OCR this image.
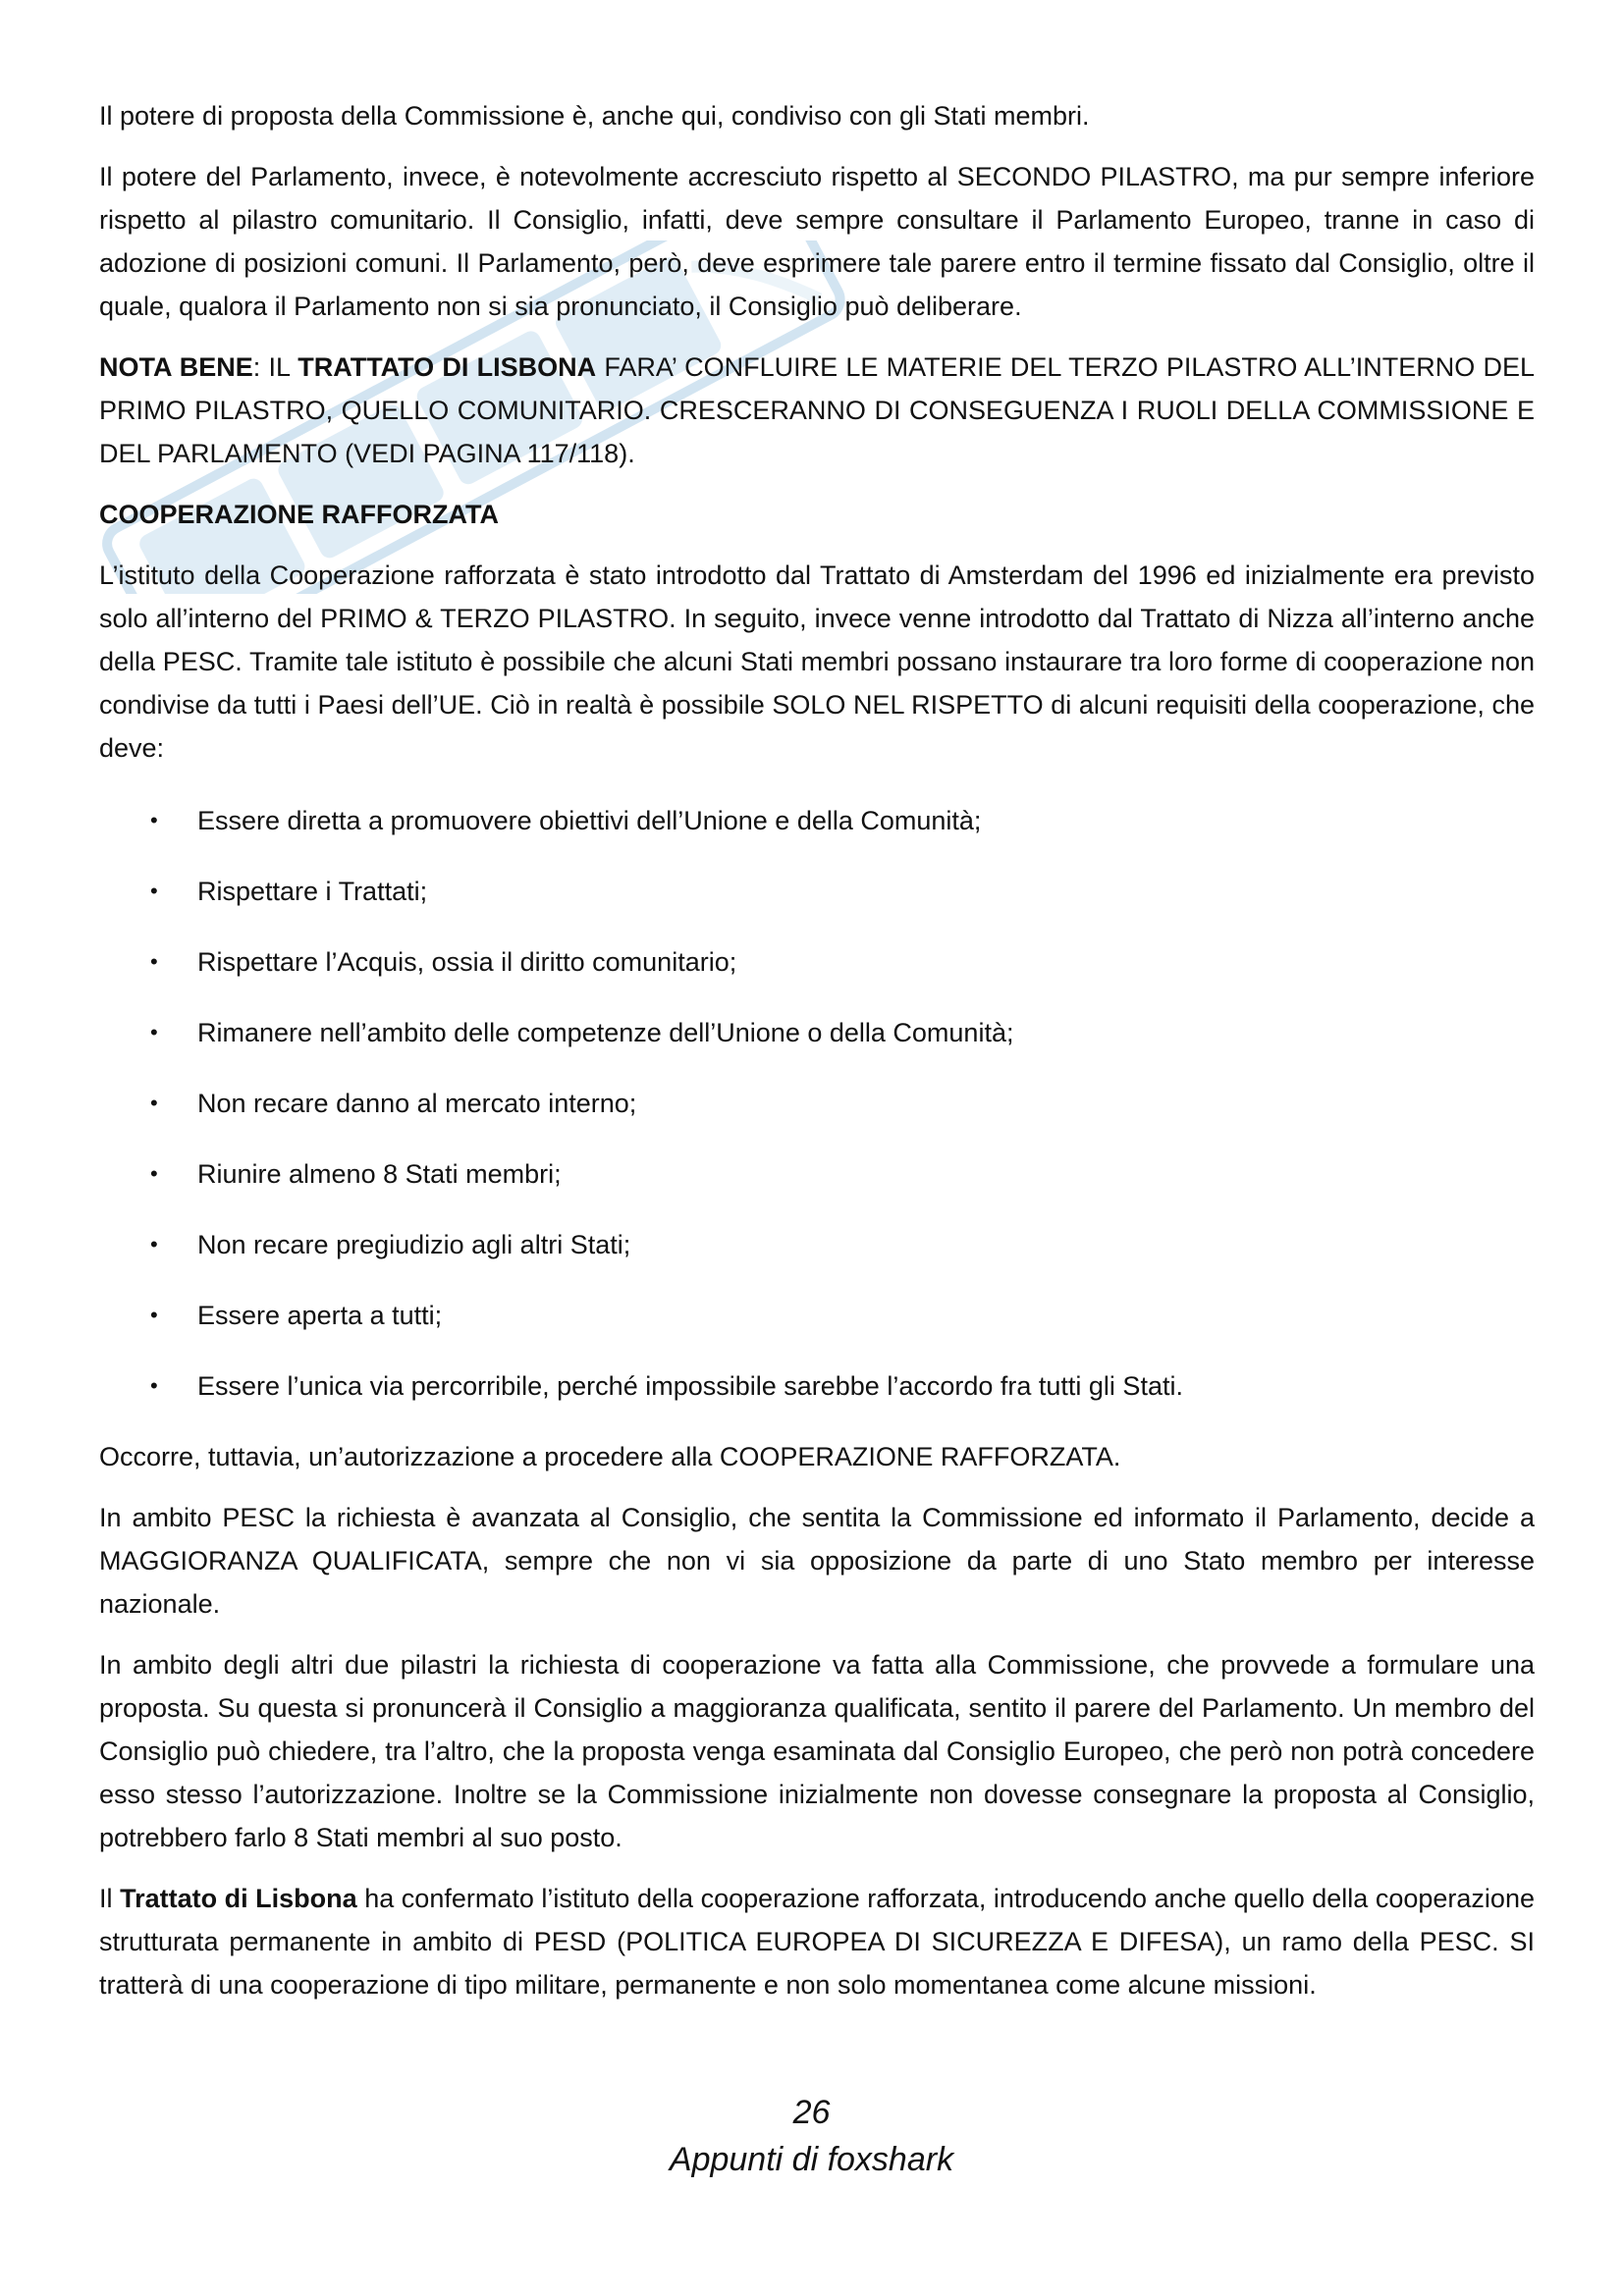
Il potere di proposta della Commissione è, anche qui, condiviso con gli Stati membri.

Il potere del Parlamento, invece, è notevolmente accresciuto rispetto al SECONDO PILASTRO, ma pur sempre inferiore rispetto al pilastro comunitario. Il Consiglio, infatti, deve sempre consultare il Parlamento Europeo, tranne in caso di adozione di posizioni comuni. Il Parlamento, però, deve esprimere tale parere entro il termine fissato dal Consiglio, oltre il quale, qualora il Parlamento non si sia pronunciato, il Consiglio può deliberare.

NOTA BENE: IL TRATTATO DI LISBONA FARA’ CONFLUIRE LE MATERIE DEL TERZO PILASTRO ALL’INTERNO DEL PRIMO PILASTRO, QUELLO COMUNITARIO. CRESCERANNO DI CONSEGUENZA I RUOLI DELLA COMMISSIONE E DEL PARLAMENTO (VEDI PAGINA 117/118).

COOPERAZIONE RAFFORZATA

L’istituto della Cooperazione rafforzata è stato introdotto dal Trattato di Amsterdam del 1996 ed inizialmente era previsto solo all’interno del PRIMO & TERZO PILASTRO. In seguito, invece venne introdotto dal Trattato di Nizza all’interno anche della PESC. Tramite tale istituto è possibile che alcuni Stati membri possano instaurare tra loro forme di cooperazione non condivise da tutti i Paesi dell’UE. Ciò in realtà è possibile SOLO NEL RISPETTO di alcuni requisiti della cooperazione, che deve:

• Essere diretta a promuovere obiettivi dell’Unione e della Comunità;
• Rispettare i Trattati;
• Rispettare l’Acquis, ossia il diritto comunitario;
• Rimanere nell’ambito delle competenze dell’Unione o della Comunità;
• Non recare danno al mercato interno;
• Riunire almeno 8 Stati membri;
• Non recare pregiudizio agli altri Stati;
• Essere aperta a tutti;
• Essere l’unica via percorribile, perché impossibile sarebbe l’accordo fra tutti gli Stati.

Occorre, tuttavia, un’autorizzazione a procedere alla COOPERAZIONE RAFFORZATA.

In ambito PESC la richiesta è avanzata al Consiglio, che sentita la Commissione ed informato il Parlamento, decide a MAGGIORANZA QUALIFICATA, sempre che non vi sia opposizione da parte di uno Stato membro per interesse nazionale.

In ambito degli altri due pilastri la richiesta di cooperazione va fatta alla Commissione, che provvede a formulare una proposta. Su questa si pronuncerà il Consiglio a maggioranza qualificata, sentito il parere del Parlamento. Un membro del Consiglio può chiedere, tra l’altro, che la proposta venga esaminata dal Consiglio Europeo, che però non potrà concedere esso stesso l’autorizzazione. Inoltre se la Commissione inizialmente non dovesse consegnare la proposta al Consiglio, potrebbero farlo 8 Stati membri al suo posto.

Il Trattato di Lisbona ha confermato l’istituto della cooperazione rafforzata, introducendo anche quello della cooperazione strutturata permanente in ambito di PESD (POLITICA EUROPEA DI SICUREZZA E DIFESA), un ramo della PESC. SI tratterà di una cooperazione di tipo militare, permanente e non solo momentanea come alcune missioni.

26
Appunti di foxshark
